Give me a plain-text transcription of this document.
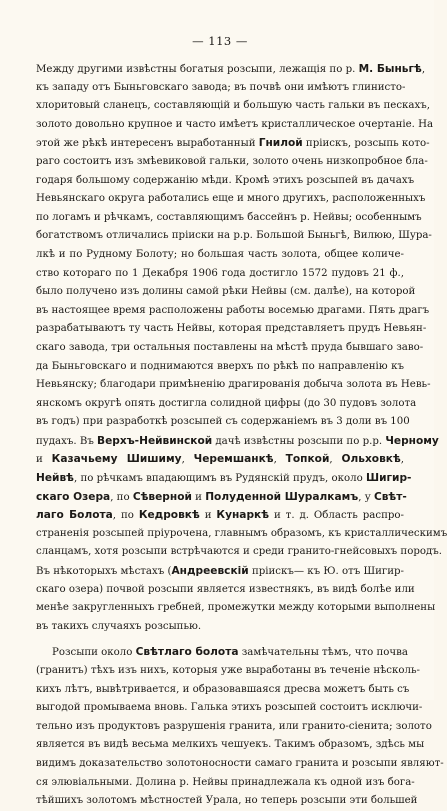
— 113 —
Между другими извѣстны богатыя розсыпи, лежащія по р. М. Быньгѣ,
къ западу отъ Быньговскаго завода; въ почвѣ они имѣютъ глинисто-
хлоритовый сланецъ, составляющій и большую часть гальки въ пескахъ,
золото довольно крупное и часто имѣетъ кристаллическое очертаніе. На
этой же рѣкѣ интересенъ выработанный Гнилой прiискъ, розсыпь кото-
раго состоитъ изъ змѣевиковой гальки, золото очень низкопробное бла-
годаря большому содержанію мѣди. Кромѣ этихъ розсыпей въ дачахъ
Невьянскаго округа работались еще и много другихъ, расположенныхъ
по логамъ и рѣчкамъ, составляющимъ бассейнъ р. Нейвы; особеннымъ
богатствомъ отличались прiиски на р.р. Большой Быньгѣ, Вилюю, Шура-
лкѣ и по Рудному Болоту; но большая часть золота, общее количе-
ство котораго по 1 Декабря 1906 года достигло 1572 пудовъ 21 ф.,
было получено изъ долины самой рѣки Нейвы (см. далѣе), на которой
въ настоящее время расположены работы восемью драгами. Пять драгъ
разрабатываютъ ту часть Нейвы, которая представляетъ прудъ Невьян-
скаго завода, три остальныя поставлены на мѣстѣ пруда бывшаго заво-
да Быньговскаго и поднимаются вверхъ по рѣкѣ по направленію къ
Невьянску; благодари примѣненію драгированія добыча золота въ Невь-
янскомъ округѣ опять достигла солидной цифры (до 30 пудовъ золота
въ годъ) при разработкѣ розсыпей съ содержаніемъ въ 3 доли въ 100
пудахъ. Въ Верхъ-Нейвинской дачѣ извѣстны розсыпи по р.р. Черному
и Казачьему Шишиму, Черемшанкѣ, Топкой, Ольховкѣ,
Нейвѣ, по рѣчкамъ впадающимъ въ Рудянскій прудъ, около Шигир-
скаго Озера, по Сѣверной и Полуденной Шуралкамъ, у Свѣт-
лаго Болота, по Кедровкѣ и Кунаркѣ и т. д. Область распро-
страненія розсыпей пріурочена, главнымъ образомъ, къ кристаллическимъ
сланцамъ, хотя розсыпи встрѣчаются и среди гранито-гнейсовыхъ породъ.
Въ нѣкоторыхъ мѣстахъ (Андреевскій прiискъ— къ Ю. отъ Шигир-
скаго озера) почвой розсыпи является известнякъ, въ видѣ болѣе или
менѣе закругленныхъ гребней, промежутки между которыми выполнены
въ такихъ случаяхъ розсыпью.
Розсыпи около Свѣтлаго болота замѣчательны тѣмъ, что почва
(гранитъ) тѣхъ изъ нихъ, которыя уже выработаны въ теченіе нѣсколь-
кихъ лѣтъ, вывѣтривается, и образовавшаяся дресва можетъ быть съ
выгодой промываема вновь. Галька этихъ розсыпей состоитъ исключи-
тельно изъ продуктовъ разрушенія гранита, или гранито-сіенита; золото
является въ видѣ весьма мелкихъ чешуекъ. Такимъ образомъ, здѣсь мы
видимъ доказательство золотоносности самаго гранита и розсыпи являют-
ся элювіальными. Долина р. Нейвы принадлежала къ одной изъ бога-
тѣйшихъ золотомъ мѣстностей Урала, но теперь розсыпи эти большей
